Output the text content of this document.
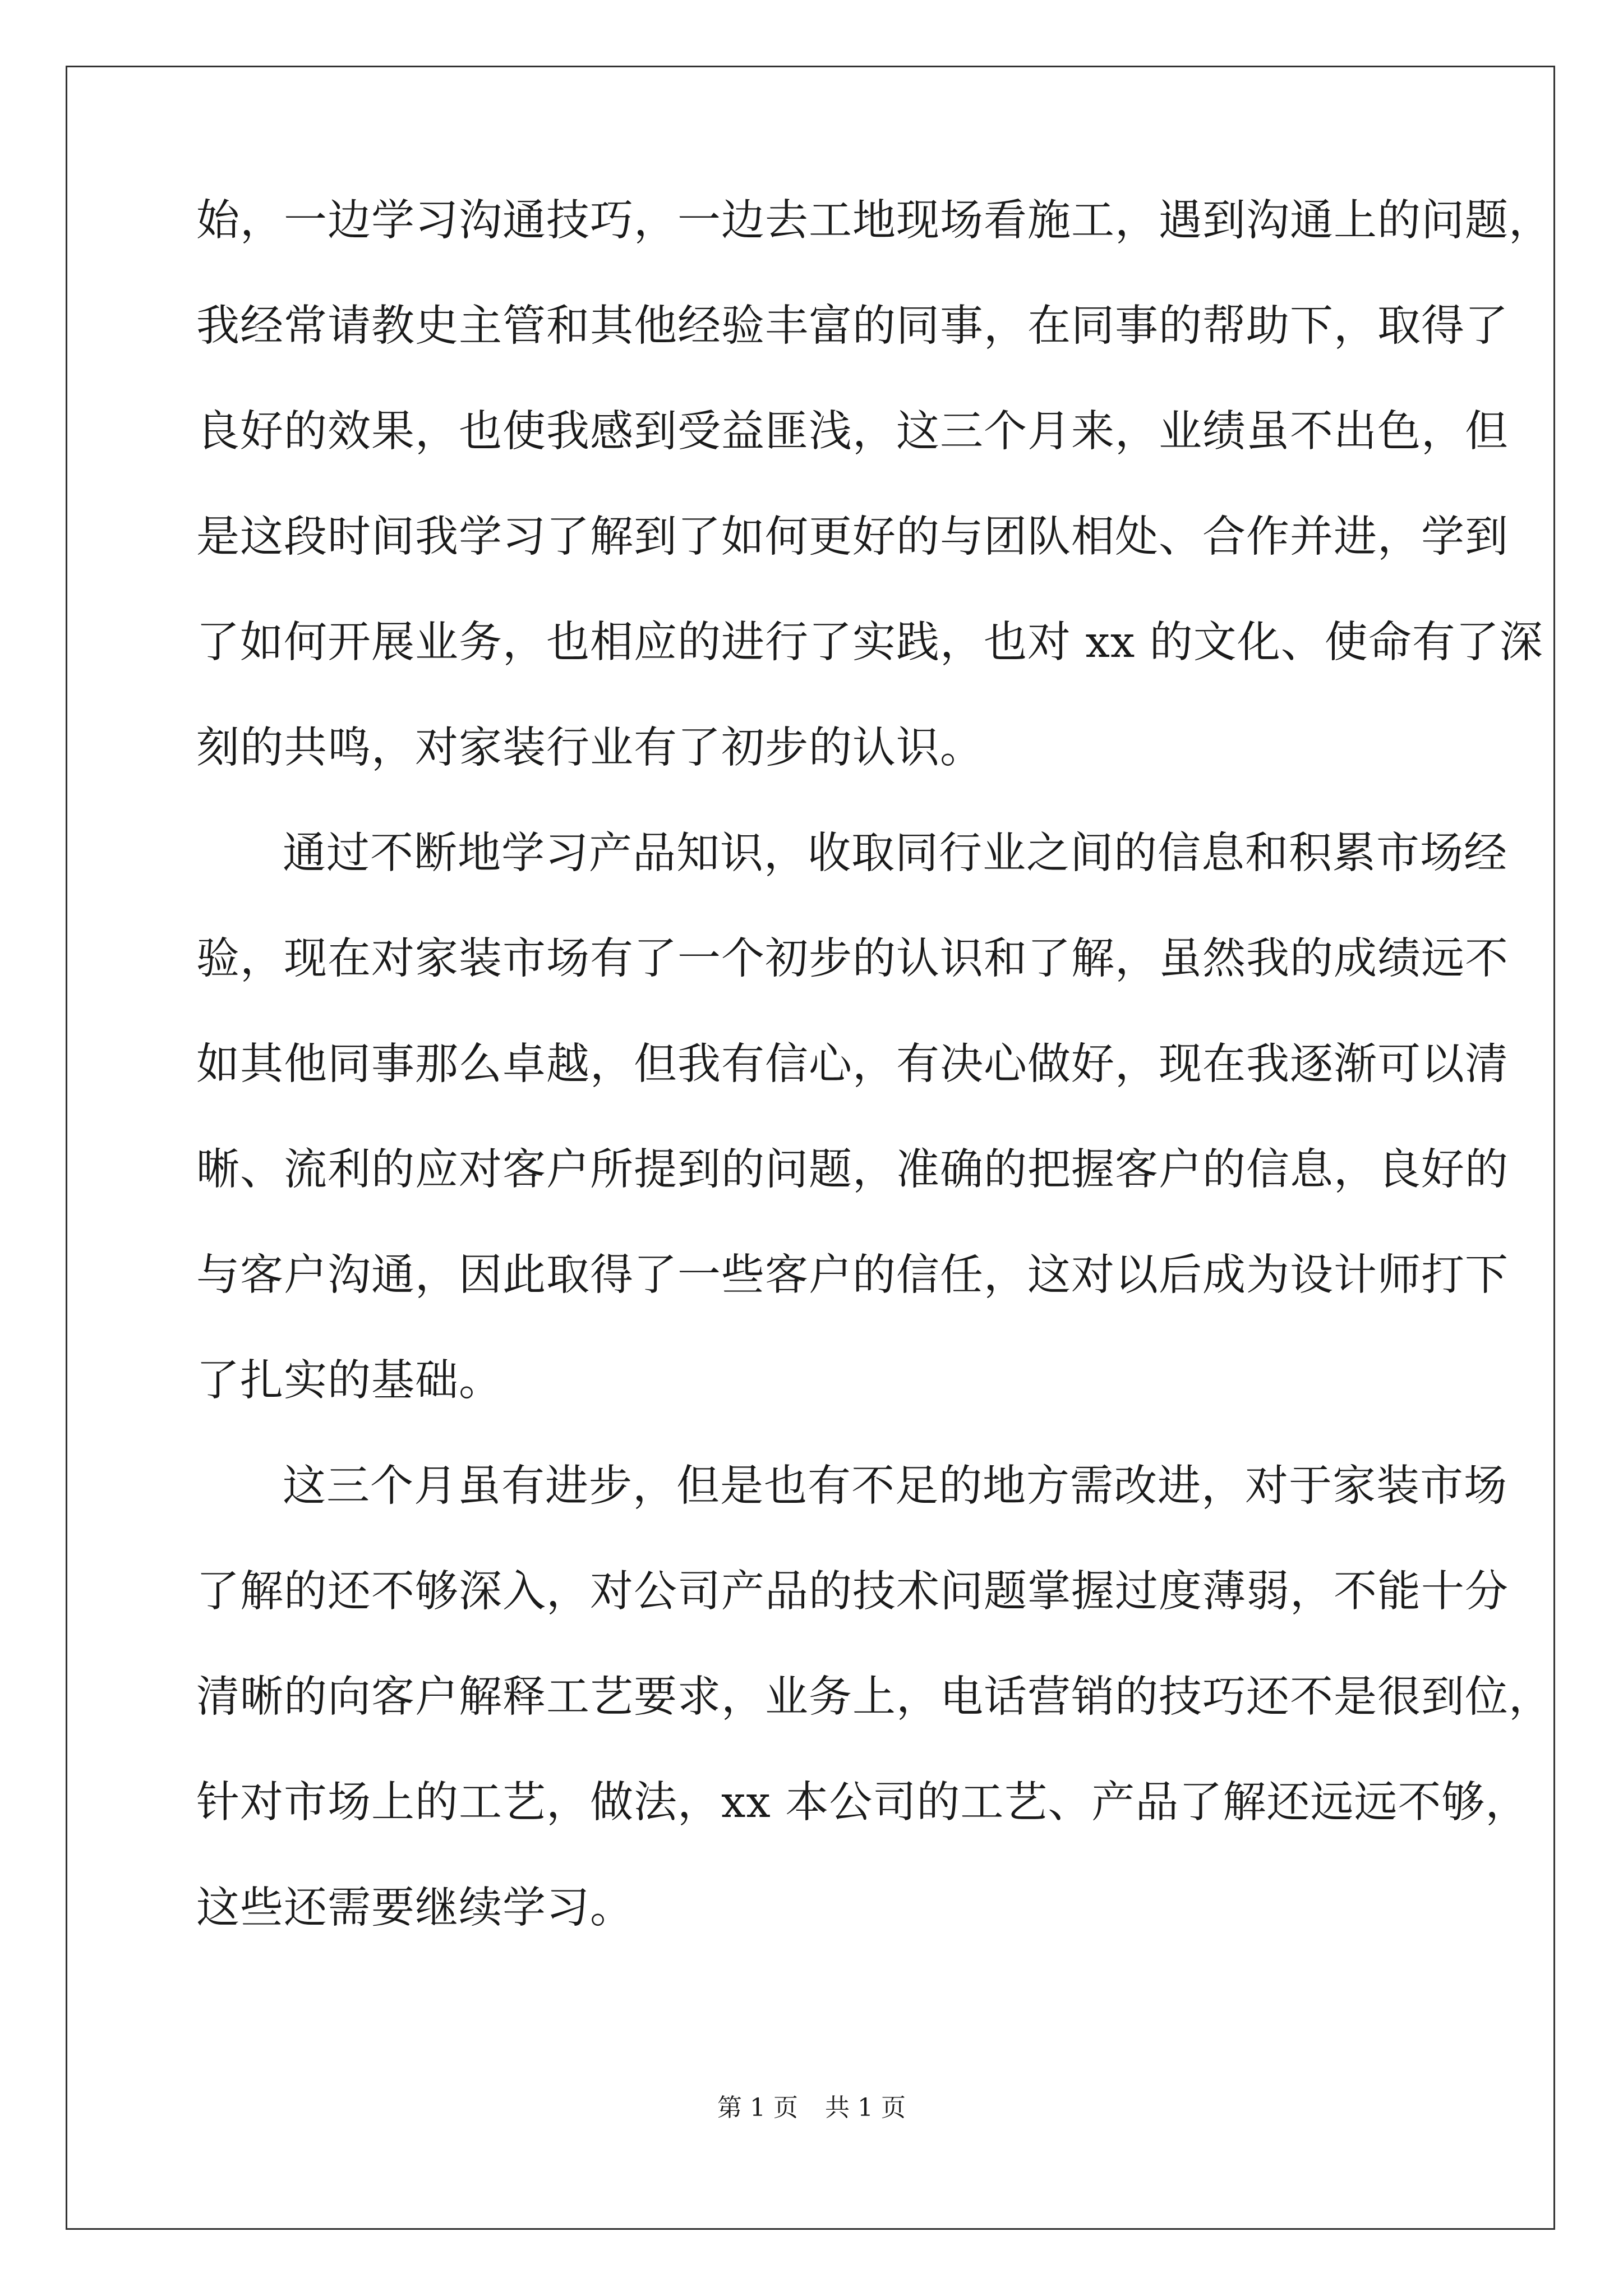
始，一边学习沟通技巧，一边去工地现场看施工，遇到沟通上的问题，
我经常请教史主管和其他经验丰富的同事，在同事的帮助下，取得了
良好的效果，也使我感到受益匪浅，这三个月来，业绩虽不出色，但
是这段时间我学习了解到了如何更好的与团队相处、合作并进，学到
了如何开展业务，也相应的进行了实践，也对 xx 的文化、使命有了深
刻的共鸣，对家装行业有了初步的认识。
通过不断地学习产品知识，收取同行业之间的信息和积累市场经
验，现在对家装市场有了一个初步的认识和了解，虽然我的成绩远不
如其他同事那么卓越，但我有信心，有决心做好，现在我逐渐可以清
晰、流利的应对客户所提到的问题，准确的把握客户的信息，良好的
与客户沟通，因此取得了一些客户的信任，这对以后成为设计师打下
了扎实的基础。
这三个月虽有进步，但是也有不足的地方需改进，对于家装市场
了解的还不够深入，对公司产品的技术问题掌握过度薄弱，不能十分
清晰的向客户解释工艺要求，业务上，电话营销的技巧还不是很到位，
针对市场上的工艺，做法，xx 本公司的工艺、产品了解还远远不够，
这些还需要继续学习。
第 1 页 共 1 页
